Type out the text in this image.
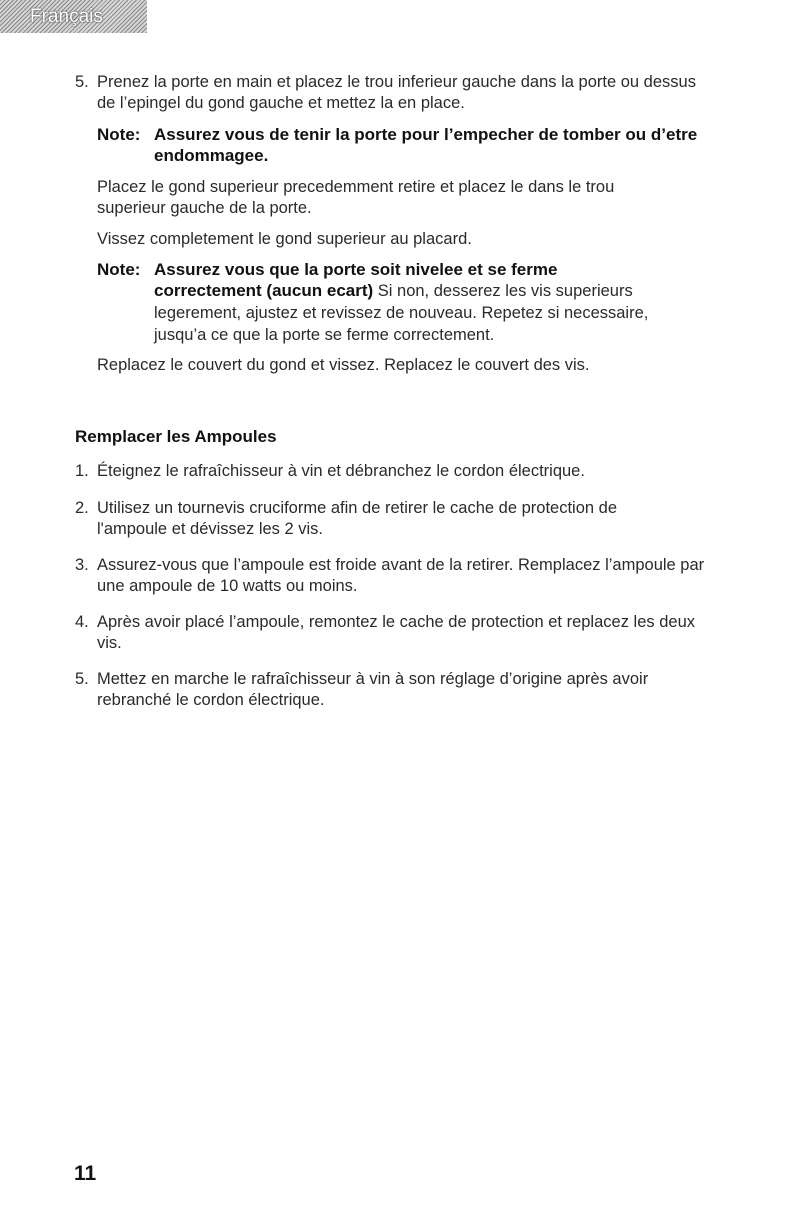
Français
5. Prenez la porte en main et placez le trou inferieur gauche dans la porte ou dessus de l’epingel du gond gauche et mettez la en place.
Note: Assurez vous de tenir la porte pour l’empecher de tomber ou d’etre endommagee.
Placez le gond superieur precedemment retire et placez le dans le trou superieur gauche de la porte.
Vissez completement le gond superieur au placard.
Note: Assurez vous que la porte soit nivelee et se ferme
correctement (aucun ecart) Si non, desserez les vis superieurs legerement, ajustez et revissez de nouveau. Repetez si necessaire, jusqu’a ce que la porte se ferme correctement.
Replacez le couvert du gond et vissez. Replacez le couvert des vis.
Remplacer les Ampoules
1. Éteignez le rafraîchisseur à vin et débranchez le cordon électrique.
2. Utilisez un tournevis cruciforme afin de retirer le cache de protection de l'ampoule et dévissez les 2 vis.
3. Assurez-vous que l’ampoule est froide avant de la retirer. Remplacez l’ampoule par une ampoule de 10 watts ou moins.
4. Après avoir placé l’ampoule, remontez le cache de protection et replacez les deux vis.
5. Mettez en marche le rafraîchisseur à vin à son réglage d’origine après avoir rebranché le cordon électrique.
11
